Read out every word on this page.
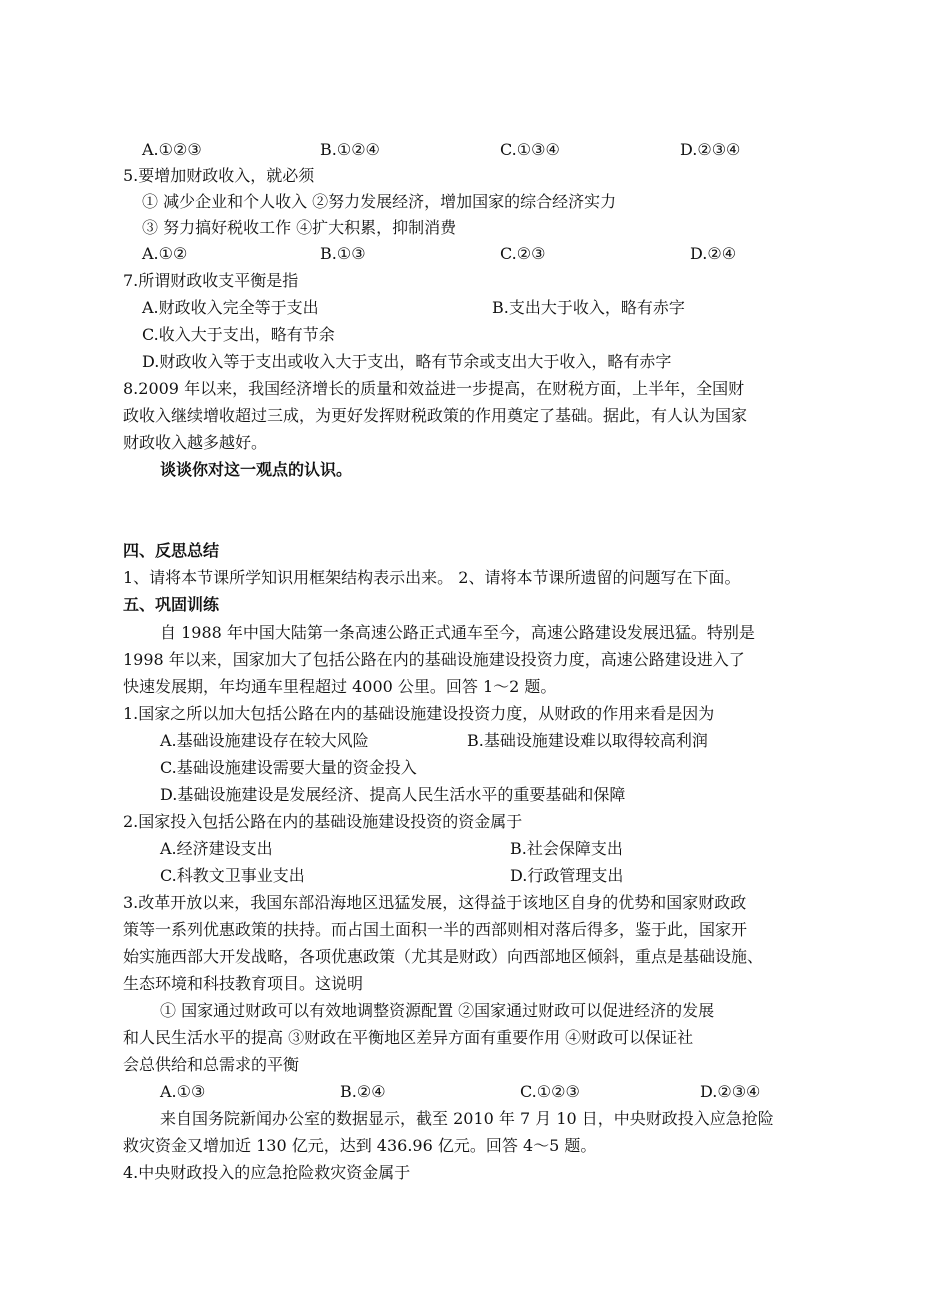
A.①②③	B.①②④	C.①③④	D.②③④
5.要增加财政收入，就必须
① 减少企业和个人收入 ②努力发展经济，增加国家的综合经济实力
③ 努力搞好税收工作 ④扩大积累，抑制消费
A.①②	B.①③	C.②③	D.②④
7.所谓财政收支平衡是指
A.财政收入完全等于支出	B.支出大于收入，略有赤字
C.收入大于支出，略有节余
D.财政收入等于支出或收入大于支出，略有节余或支出大于收入，略有赤字
8.2009 年以来，我国经济增长的质量和效益进一步提高，在财税方面，上半年，全国财
政收入继续增收超过三成，为更好发挥财税政策的作用奠定了基础。据此，有人认为国家
财政收入越多越好。
谈谈你对这一观点的认识。
四、反思总结
1、请将本节课所学知识用框架结构表示出来。 2、请将本节课所遗留的问题写在下面。
五、巩固训练
自 1988 年中国大陆第一条高速公路正式通车至今，高速公路建设发展迅猛。特别是
1998 年以来，国家加大了包括公路在内的基础设施建设投资力度，高速公路建设进入了
快速发展期，年均通车里程超过 4000 公里。回答 1～2 题。
1.国家之所以加大包括公路在内的基础设施建设投资力度，从财政的作用来看是因为
A.基础设施建设存在较大风险	B.基础设施建设难以取得较高利润
C.基础设施建设需要大量的资金投入
D.基础设施建设是发展经济、提高人民生活水平的重要基础和保障
2.国家投入包括公路在内的基础设施建设投资的资金属于
A.经济建设支出	B.社会保障支出
C.科教文卫事业支出	D.行政管理支出
3.改革开放以来，我国东部沿海地区迅猛发展，这得益于该地区自身的优势和国家财政政
策等一系列优惠政策的扶持。而占国土面积一半的西部则相对落后得多，鉴于此，国家开
始实施西部大开发战略，各项优惠政策（尤其是财政）向西部地区倾斜，重点是基础设施、
生态环境和科技教育项目。这说明
① 国家通过财政可以有效地调整资源配置 ②国家通过财政可以促进经济的发展
和人民生活水平的提高 ③财政在平衡地区差异方面有重要作用 ④财政可以保证社
会总供给和总需求的平衡
A.①③	B.②④	C.①②③	D.②③④
来自国务院新闻办公室的数据显示，截至 2010 年 7 月 10 日，中央财政投入应急抢险
救灾资金又增加近 130 亿元，达到 436.96 亿元。回答 4～5 题。
4.中央财政投入的应急抢险救灾资金属于
